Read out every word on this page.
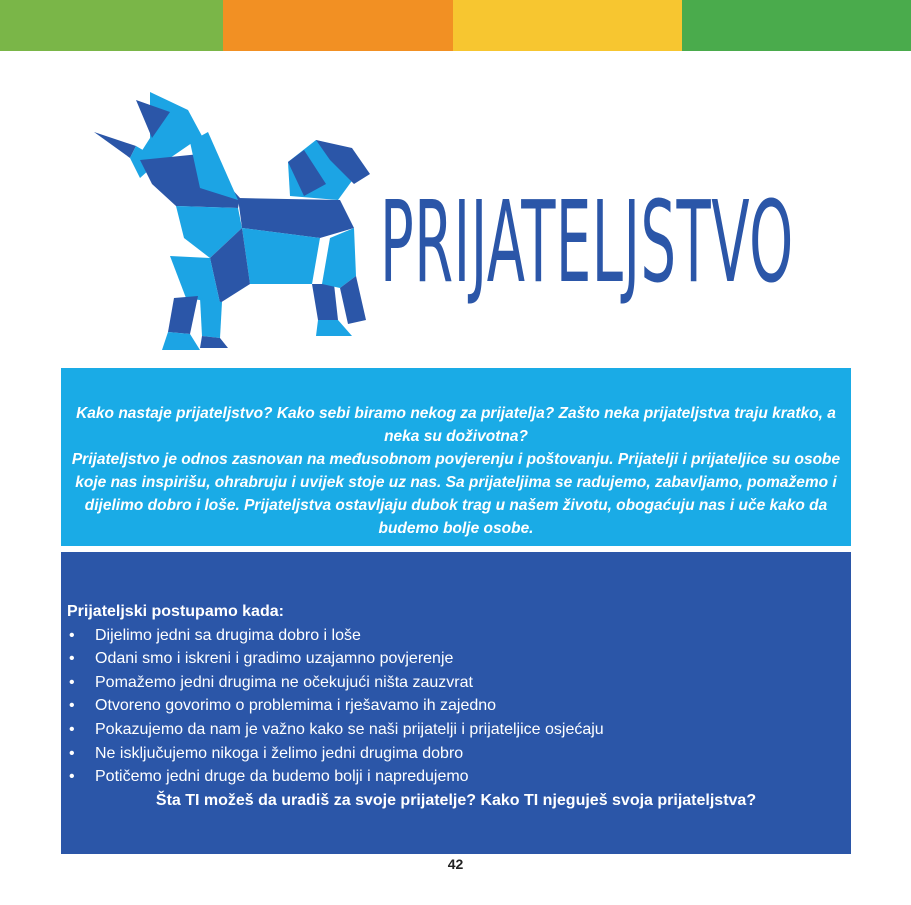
PRIJATELJSTVO

Kako nastaje prijateljstvo? Kako sebi biramo nekog za prijatelja? Zašto neka prijateljstva traju kratko, a neka su doživotna?

Prijateljstvo je odnos zasnovan na međusobnom povjerenju i poštovanju. Prijatelji i prijateljice su osobe koje nas inspirišu, ohrabruju i uvijek stoje uz nas. Sa prijateljima se radujemo, zabavljamo, pomažemo i dijelimo dobro i loše. Prijateljstva ostavljaju dubok trag u našem životu, obogaćuju nas i uče kako da budemo bolje osobe.

Prijateljski postupamo kada:

• Dijelimo jedni sa drugima dobro i loše
• Odani smo i iskreni i gradimo uzajamno povjerenje
• Pomažemo jedni drugima ne očekujući ništa zauzvrat
• Otvoreno govorimo o problemima i rješavamo ih zajedno
• Pokazujemo da nam je važno kako se naši prijatelji i prijateljice osjećaju
• Ne isključujemo nikoga i želimo jedni drugima dobro
• Potičemo jedni druge da budemo bolji i napredujemo

Šta TI možeš da uradiš za svoje prijatelje? Kako TI njeguješ svoja prijateljstva?

42
